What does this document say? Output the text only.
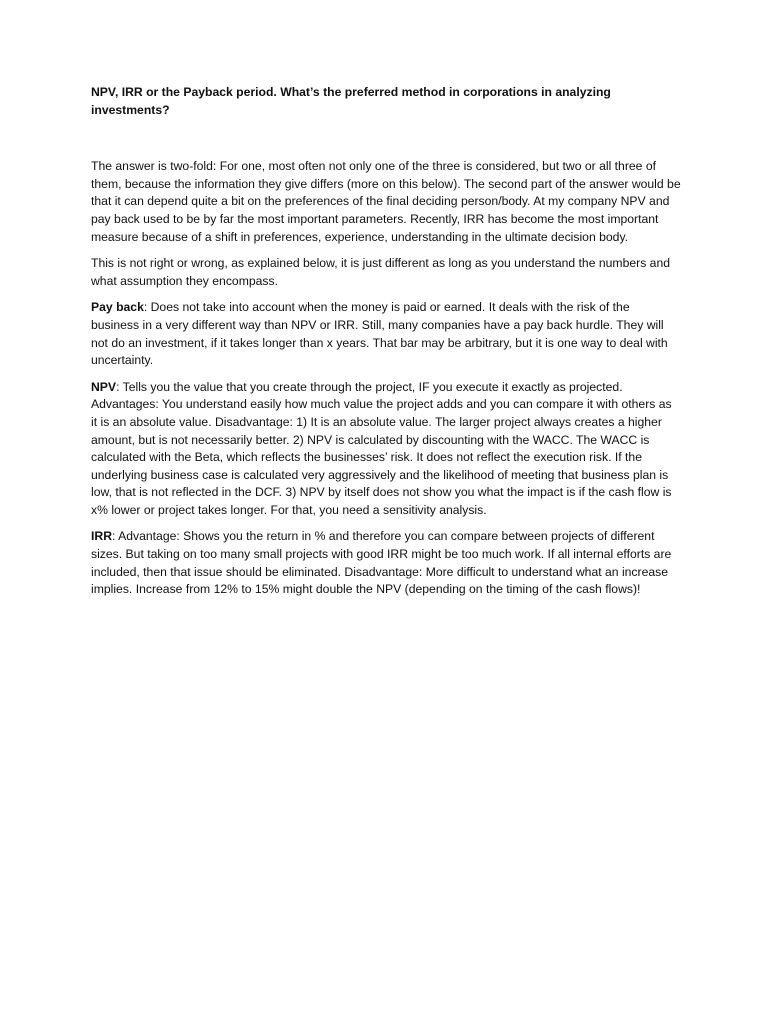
NPV, IRR or the Payback period. What’s the preferred method in corporations in analyzing investments?

The answer is two-fold: For one, most often not only one of the three is considered, but two or all three of them, because the information they give differs (more on this below). The second part of the answer would be that it can depend quite a bit on the preferences of the final deciding person/body. At my company NPV and pay back used to be by far the most important parameters. Recently, IRR has become the most important measure because of a shift in preferences, experience, understanding in the ultimate decision body.

This is not right or wrong, as explained below, it is just different as long as you understand the numbers and what assumption they encompass.

Pay back: Does not take into account when the money is paid or earned. It deals with the risk of the business in a very different way than NPV or IRR. Still, many companies have a pay back hurdle. They will not do an investment, if it takes longer than x years. That bar may be arbitrary, but it is one way to deal with uncertainty.

NPV: Tells you the value that you create through the project, IF you execute it exactly as projected. Advantages: You understand easily how much value the project adds and you can compare it with others as it is an absolute value. Disadvantage: 1) It is an absolute value. The larger project always creates a higher amount, but is not necessarily better. 2) NPV is calculated by discounting with the WACC. The WACC is calculated with the Beta, which reflects the businesses’ risk. It does not reflect the execution risk. If the underlying business case is calculated very aggressively and the likelihood of meeting that business plan is low, that is not reflected in the DCF. 3) NPV by itself does not show you what the impact is if the cash flow is x% lower or project takes longer. For that, you need a sensitivity analysis.

IRR: Advantage: Shows you the return in % and therefore you can compare between projects of different sizes. But taking on too many small projects with good IRR might be too much work. If all internal efforts are included, then that issue should be eliminated. Disadvantage: More difficult to understand what an increase implies. Increase from 12% to 15% might double the NPV (depending on the timing of the cash flows)!
